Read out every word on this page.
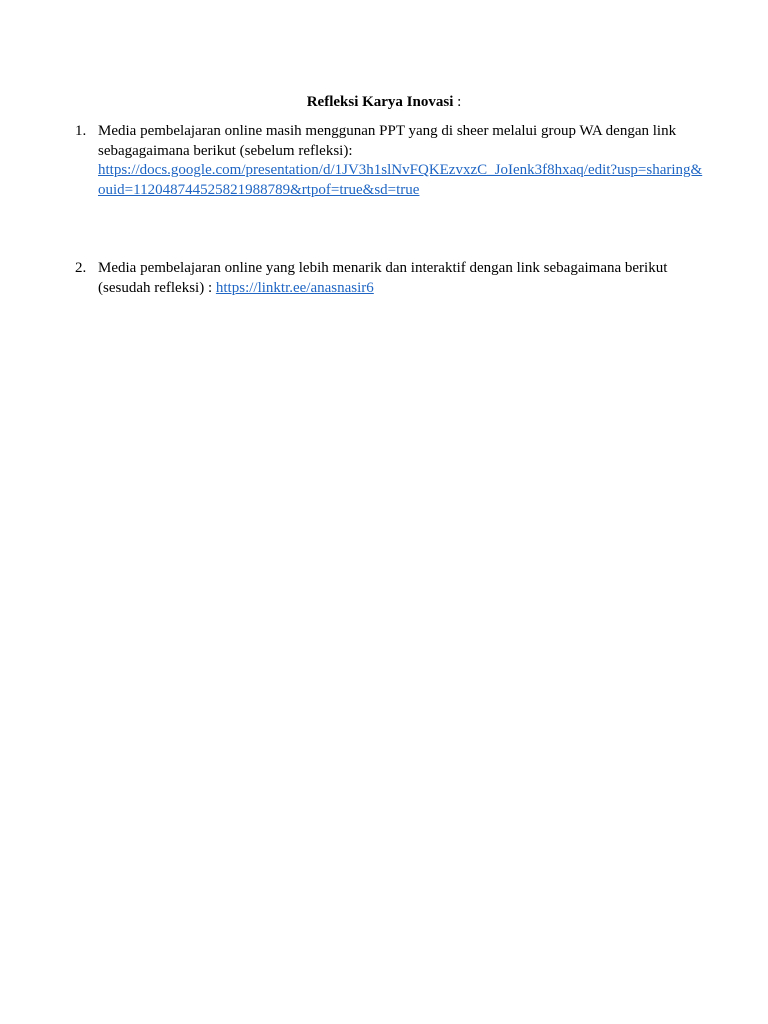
Refleksi Karya Inovasi :
1. Media pembelajaran online masih menggunan PPT yang di sheer melalui group WA dengan link
sebagagaimana berikut (sebelum refleksi):
https://docs.google.com/presentation/d/1JV3h1slNvFQKEzvxzC_JoIenk3f8hxaq/edit?usp=sharing&
ouid=112048744525821988789&rtpof=true&sd=true
2. Media pembelajaran online yang lebih menarik dan interaktif dengan link sebagaimana berikut
(sesudah refleksi) : https://linktr.ee/anasnasir6
